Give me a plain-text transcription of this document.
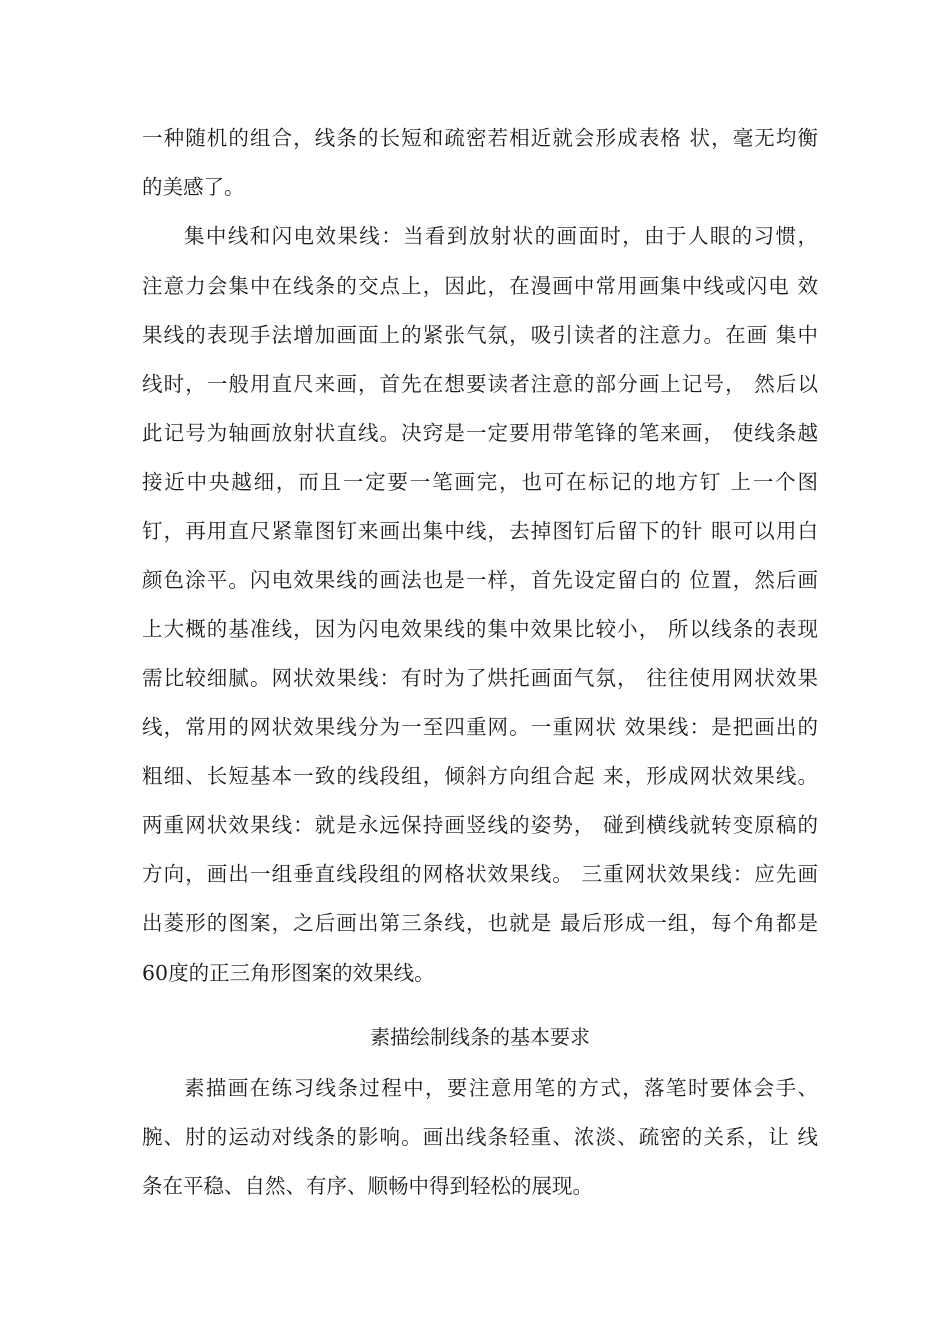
一种随机的组合，线条的长短和疏密若相近就会形成表格 状，毫无均衡
的美感了。
集中线和闪电效果线：当看到放射状的画面时，由于人眼的习惯，
注意力会集中在线条的交点上，因此，在漫画中常用画集中线或闪电 效
果线的表现手法增加画面上的紧张气氛，吸引读者的注意力。在画 集中
线时，一般用直尺来画，首先在想要读者注意的部分画上记号， 然后以
此记号为轴画放射状直线。决窍是一定要用带笔锋的笔来画， 使线条越
接近中央越细，而且一定要一笔画完，也可在标记的地方钉 上一个图
钉，再用直尺紧靠图钉来画出集中线，去掉图钉后留下的针 眼可以用白
颜色涂平。闪电效果线的画法也是一样，首先设定留白的 位置，然后画
上大概的基准线，因为闪电效果线的集中效果比较小， 所以线条的表现
需比较细腻。网状效果线：有时为了烘托画面气氛， 往往使用网状效果
线，常用的网状效果线分为一至四重网。一重网状 效果线：是把画出的
粗细、长短基本一致的线段组，倾斜方向组合起 来，形成网状效果线。
两重网状效果线：就是永远保持画竖线的姿势， 碰到横线就转变原稿的
方向，画出一组垂直线段组的网格状效果线。 三重网状效果线：应先画
出菱形的图案，之后画出第三条线，也就是 最后形成一组，每个角都是
60度的正三角形图案的效果线。
素描绘制线条的基本要求
素描画在练习线条过程中，要注意用笔的方式，落笔时要体会手、
腕、肘的运动对线条的影响。画出线条轻重、浓淡、疏密的关系，让 线
条在平稳、自然、有序、顺畅中得到轻松的展现。
